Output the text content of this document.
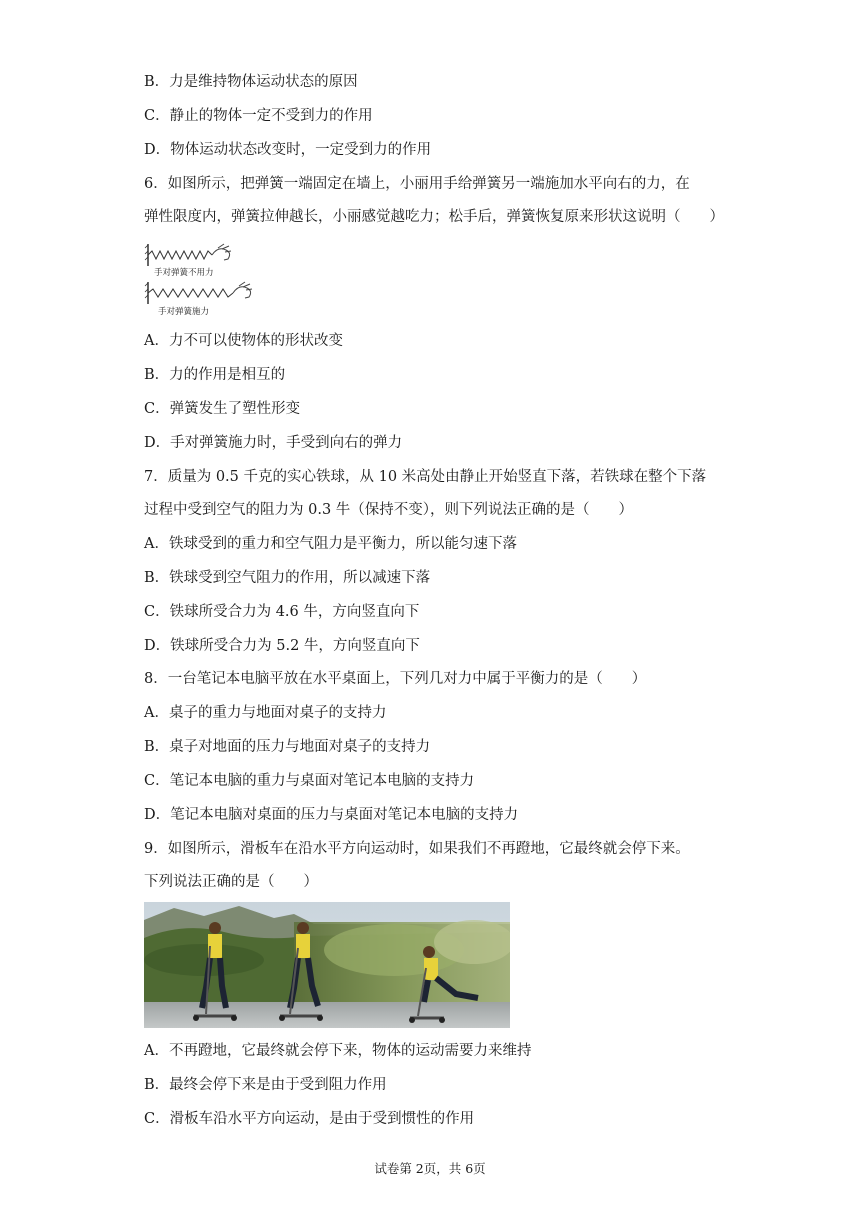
B．力是维持物体运动状态的原因
C．静止的物体一定不受到力的作用
D．物体运动状态改变时，一定受到力的作用
6．如图所示，把弹簧一端固定在墙上，小丽用手给弹簧另一端施加水平向右的力，在
弹性限度内，弹簧拉伸越长，小丽感觉越吃力；松手后，弹簧恢复原来形状这说明（　　）
手对弹簧不用力
手对弹簧施力
A．力不可以使物体的形状改变
B．力的作用是相互的
C．弹簧发生了塑性形变
D．手对弹簧施力时，手受到向右的弹力
7．质量为 0.5 千克的实心铁球，从 10 米高处由静止开始竖直下落，若铁球在整个下落
过程中受到空气的阻力为 0.3 牛（保持不变），则下列说法正确的是（　　）
A．铁球受到的重力和空气阻力是平衡力，所以能匀速下落
B．铁球受到空气阻力的作用，所以减速下落
C．铁球所受合力为 4.6 牛，方向竖直向下
D．铁球所受合力为 5.2 牛，方向竖直向下
8．一台笔记本电脑平放在水平桌面上，下列几对力中属于平衡力的是（　　）
A．桌子的重力与地面对桌子的支持力
B．桌子对地面的压力与地面对桌子的支持力
C．笔记本电脑的重力与桌面对笔记本电脑的支持力
D．笔记本电脑对桌面的压力与桌面对笔记本电脑的支持力
9．如图所示，滑板车在沿水平方向运动时，如果我们不再蹬地，它最终就会停下来。
下列说法正确的是（　　）
A．不再蹬地，它最终就会停下来，物体的运动需要力来维持
B．最终会停下来是由于受到阻力作用
C．滑板车沿水平方向运动，是由于受到惯性的作用
试卷第 2页，共 6页
